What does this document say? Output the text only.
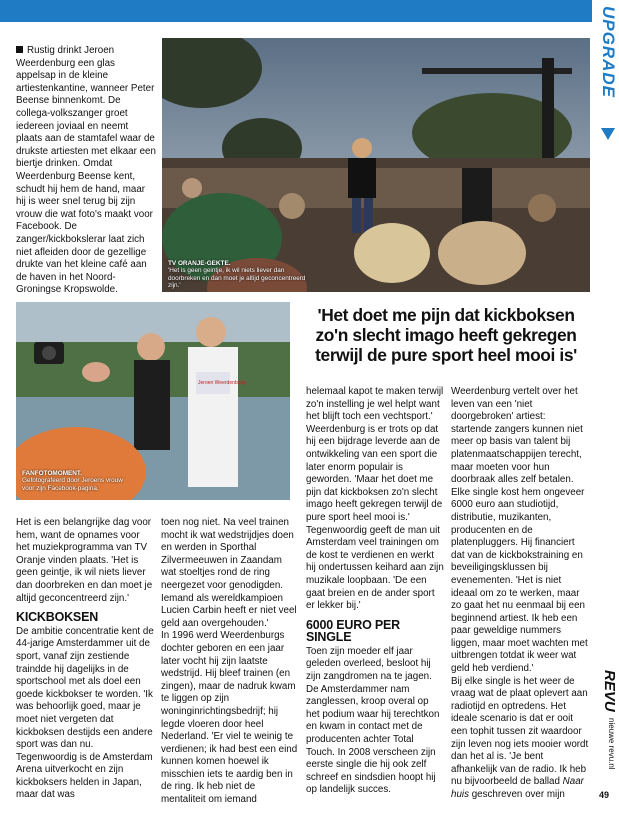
UPGRADE
REVU
nieuwe revu.nl
49

Rustig drinkt Jeroen Weerdenburg een glas appelsap in de kleine artiestenkantine, wanneer Peter Beense binnenkomt. De collega-volkszanger groet iedereen joviaal en neemt plaats aan de stamtafel waar de drukste artiesten met elkaar een biertje drinken. Omdat Weerdenburg Beense kent, schudt hij hem de hand, maar hij is weer snel terug bij zijn vrouw die wat foto's maakt voor Facebook. De zanger/kickbokslerar laat zich niet afleiden door de gezellige drukte van het kleine café aan de haven in het Noord-Groningse Kropswolde.

TV ORANJE-GEKTE.
'Het is geen geintje, ik wil niets liever dan doorbreken en dan moet je altijd geconcentreerd zijn.'
Jeroen Weerdenburg
FANFOTOMOMENT.
Gefotografeerd door Jeroens vrouw voor zijn Facebook-pagina.
'Het doet me pijn dat kickboksen zo'n slecht imago heeft gekregen terwijl de pure sport heel mooi is'

Het is een belangrijke dag voor hem, want de opnames voor het muziekprogramma van TV Oranje vinden plaats. 'Het is geen geintje, ik wil niets liever dan doorbreken en dan moet je altijd geconcentreerd zijn.'

KICKBOKSEN

De ambitie concentratie kent de 44-jarige Amsterdammer uit de sport, vanaf zijn zestiende traindde hij dagelijks in de sportschool met als doel een goede kickbokser te worden. 'Ik was behoorlijk goed, maar je moet niet vergeten dat kickboksen destijds een andere sport was dan nu. Tegenwoordig is de Amsterdam Arena uitverkocht en zijn kickboksers helden in Japan, maar dat was

toen nog niet. Na veel trainen mocht ik wat wedstrijdjes doen en werden in Sporthal Zilvermeeuwen in Zaandam wat stoeltjes rond de ring neergezet voor genodigden. Iemand als wereldkampioen Lucien Carbin heeft er niet veel geld aan overgehouden.'

In 1996 werd Weerdenburgs dochter geboren en een jaar later vocht hij zijn laatste wedstrijd. Hij bleef trainen (en zingen), maar de nadruk kwam te liggen op zijn woninginrichtingsbedrijf; hij legde vloeren door heel Nederland. 'Er viel te weinig te verdienen; ik had best een eind kunnen komen hoewel ik misschien iets te aardig ben in de ring. Ik heb niet de mentaliteit om iemand

helemaal kapot te maken terwijl zo'n instelling je wel helpt want het blijft toch een vechtsport.' Weerdenburg is er trots op dat hij een bijdrage leverde aan de ontwikkeling van een sport die later enorm populair is geworden. 'Maar het doet me pijn dat kickboksen zo'n slecht imago heeft gekregen terwijl de pure sport heel mooi is.' Tegenwoordig geeft de man uit Amsterdam veel trainingen om de kost te verdienen en werkt hij ondertussen keihard aan zijn muzikale loopbaan. 'De een gaat breien en de ander sport er lekker bij.'

6000 EURO PER SINGLE

Toen zijn moeder elf jaar geleden overleed, besloot hij zijn zangdromen na te jagen. De Amsterdammer nam zanglessen, kroop overal op het podium waar hij terechtkon en kwam in contact met de producenten achter Total Touch. In 2008 verscheen zijn eerste single die hij ook zelf schreef en sindsdien hoopt hij op landelijk succes.

Weerdenburg vertelt over het leven van een 'niet doorgebroken' artiest: startende zangers kunnen niet meer op basis van talent bij platenmaatschappijen terecht, maar moeten voor hun doorbraak alles zelf betalen. Elke single kost hem ongeveer 6000 euro aan studiotijd, distributie, muzikanten, producenten en de platenpluggers. Hij financiert dat van de kickbokstraining en beveiligingsklussen bij evenementen. 'Het is niet ideaal om zo te werken, maar zo gaat het nu eenmaal bij een beginnend artiest. Ik heb een paar geweldige nummers liggen, maar moet wachten met uitbrengen totdat ik weer wat geld heb verdiend.'

Bij elke single is het weer de vraag wat de plaat oplevert aan radiotijd en optredens. Het ideale scenario is dat er ooit een tophit tussen zit waardoor zijn leven nog iets mooier wordt dan het al is. 'Je bent afhankelijk van de radio. Ik heb nu bijvoorbeeld de ballad Naar huis geschreven over mijn
